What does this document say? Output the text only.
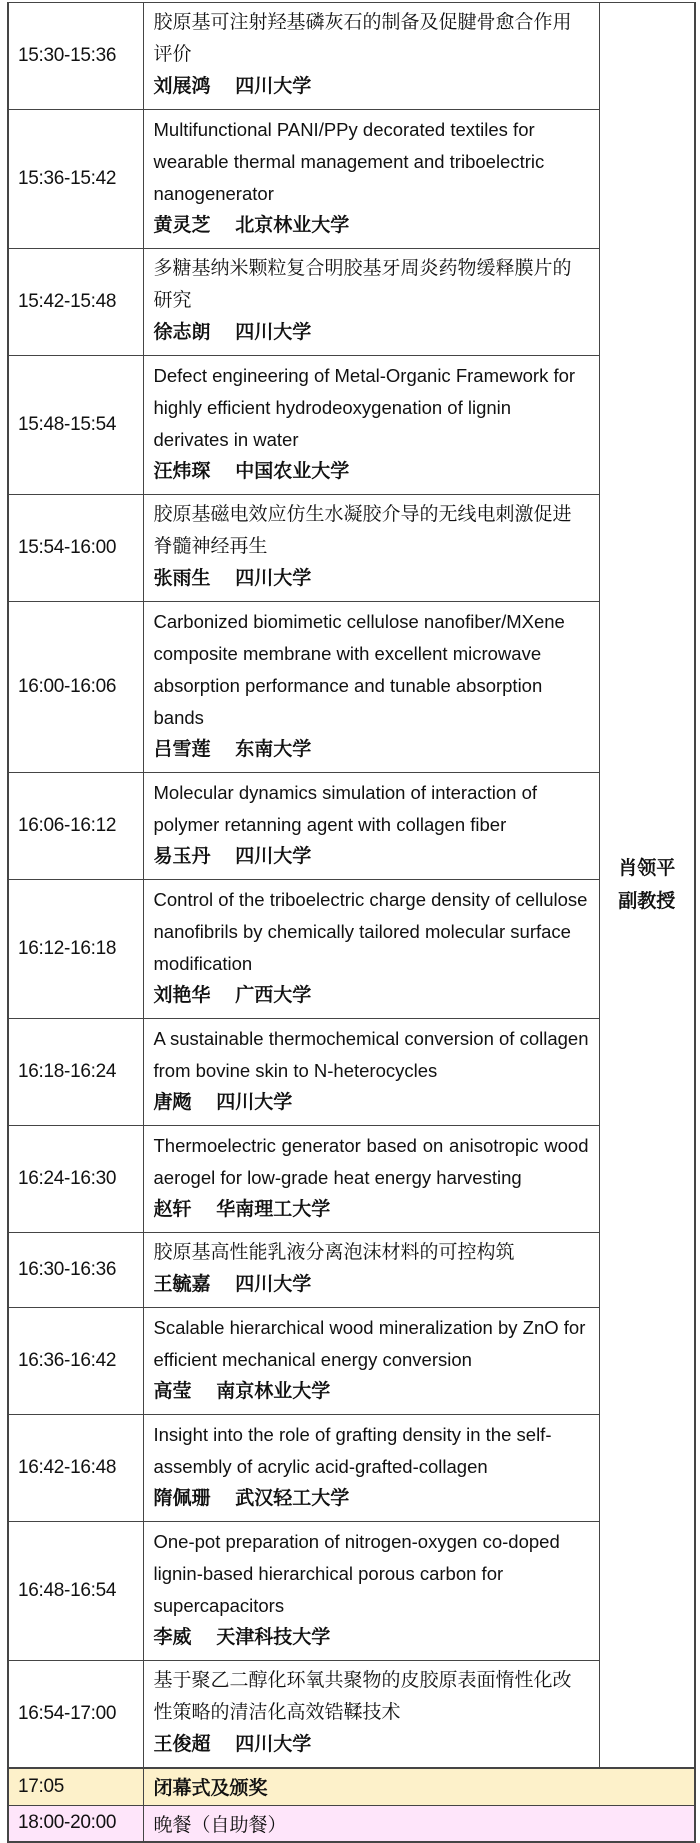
15:30-15:36	
胶原基可注射羟基磷灰石的制备及促腱骨愈合作用评价
刘展鸿 四川大学

肖领平
副教授

15:36-15:42	Multifunctional PANI/PPy decorated textiles for wearable thermal management and triboelectric nanogenerator
黄灵芝 北京林业大学	

15:42-15:48	多糖基纳米颗粒复合明胶基牙周炎药物缓释膜片的研究
徐志朗 四川大学	

15:48-15:54	Defect engineering of Metal-Organic Framework for highly efficient hydrodeoxygenation of lignin derivates in water
汪炜琛 中国农业大学	

15:54-16:00	胶原基磁电效应仿生水凝胶介导的无线电刺激促进脊髓神经再生
张雨生 四川大学	

16:00-16:06	Carbonized biomimetic cellulose nanofiber/MXene composite membrane with excellent microwave absorption performance and tunable absorption bands
吕雪莲 东南大学	

16:06-16:12	Molecular dynamics simulation of interaction of polymer retanning agent with collagen fiber
易玉丹 四川大学	

16:12-16:18	Control of the triboelectric charge density of cellulose nanofibrils by chemically tailored molecular surface modification
刘艳华 广西大学	

16:18-16:24	A sustainable thermochemical conversion of collagen from bovine skin to N-heterocycles
唐飏 四川大学	

16:24-16:30	Thermoelectric generator based on anisotropic wood aerogel for low-grade heat energy harvesting
赵轩 华南理工大学	

16:30-16:36	胶原基高性能乳液分离泡沫材料的可控构筑
王毓嘉 四川大学	

16:36-16:42	Scalable hierarchical wood mineralization by ZnO for efficient mechanical energy conversion
高莹 南京林业大学	

16:42-16:48	Insight into the role of grafting density in the self-assembly of acrylic acid-grafted-collagen
隋佩珊 武汉轻工大学	

16:48-16:54	One-pot preparation of nitrogen-oxygen co-doped lignin-based hierarchical porous carbon for supercapacitors
李威 天津科技大学	

16:54-17:00	基于聚乙二醇化环氧共聚物的皮胶原表面惰性化改性策略的清洁化高效锆鞣技术
王俊超 四川大学	

17:05	闭幕式及颁奖	
18:00-20:00	晚餐（自助餐）	
